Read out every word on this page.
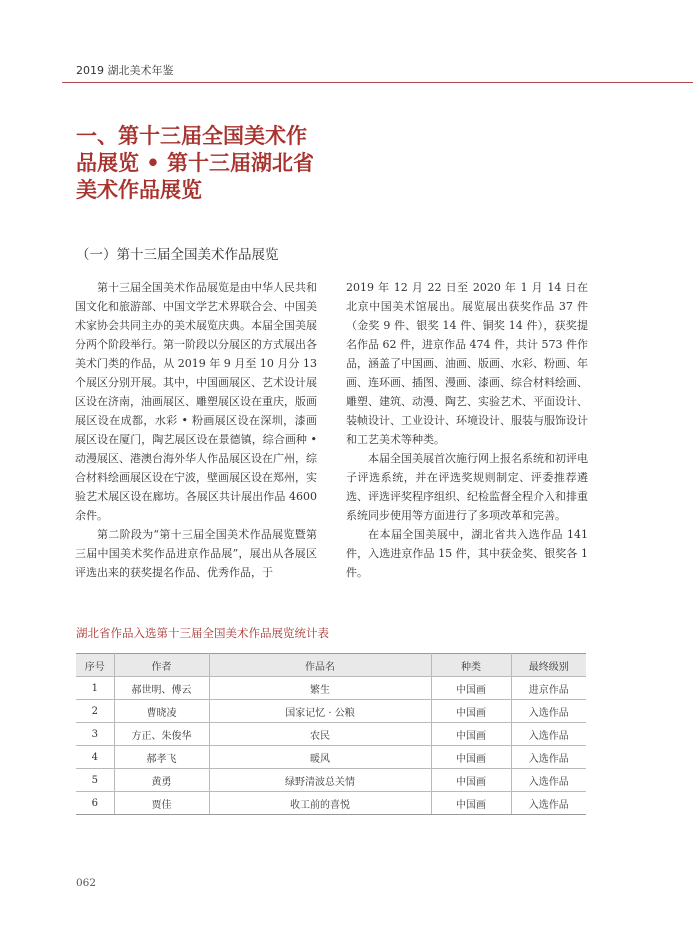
2019 湖北美术年鉴
一、第十三届全国美术作
品展览 • 第十三届湖北省
美术作品展览
（一）第十三届全国美术作品展览

第十三届全国美术作品展览是由中华人民共和国文化和旅游部、中国文学艺术界联合会、中国美术家协会共同主办的美术展览庆典。本届全国美展分两个阶段举行。第一阶段以分展区的方式展出各美术门类的作品，从 2019 年 9 月至 10 月分 13 个展区分别开展。其中，中国画展区、艺术设计展区设在济南，油画展区、雕塑展区设在重庆，版画展区设在成都，水彩 • 粉画展区设在深圳，漆画展区设在厦门，陶艺展区设在景德镇，综合画种 • 动漫展区、港澳台海外华人作品展区设在广州，综合材料绘画展区设在宁波，壁画展区设在郑州，实验艺术展区设在廊坊。各展区共计展出作品 4600 余件。

第二阶段为“第十三届全国美术作品展览暨第三届中国美术奖作品进京作品展”，展出从各展区评选出来的获奖提名作品、优秀作品，于

2019 年 12 月 22 日至 2020 年 1 月 14 日在北京中国美术馆展出。展览展出获奖作品 37 件（金奖 9 件、银奖 14 件、铜奖 14 件），获奖提名作品 62 件，进京作品 474 件，共计 573 件作品，涵盖了中国画、油画、版画、水彩、粉画、年画、连环画、插图、漫画、漆画、综合材料绘画、雕塑、建筑、动漫、陶艺、实验艺术、平面设计、装帧设计、工业设计、环境设计、服装与服饰设计和工艺美术等种类。

本届全国美展首次施行网上报名系统和初评电子评选系统，并在评选奖规则制定、评委推荐遴选、评选评奖程序组织、纪检监督全程介入和排重系统同步使用等方面进行了多项改革和完善。

在本届全国美展中，湖北省共入选作品 141 件，入选进京作品 15 件，其中获金奖、银奖各 1 件。

湖北省作品入选第十三届全国美术作品展览统计表
序号	作者	作品名	种类	最终级别
1	郝世明、傅云	繁生	中国画	进京作品
2	曹晓凌	国家记忆 · 公粮	中国画	入选作品
3	方正、朱俊华	农民	中国画	入选作品
4	郝孝飞	暖风	中国画	入选作品
5	黄勇	绿野清波总关情	中国画	入选作品
6	贾佳	收工前的喜悦	中国画	入选作品
062
